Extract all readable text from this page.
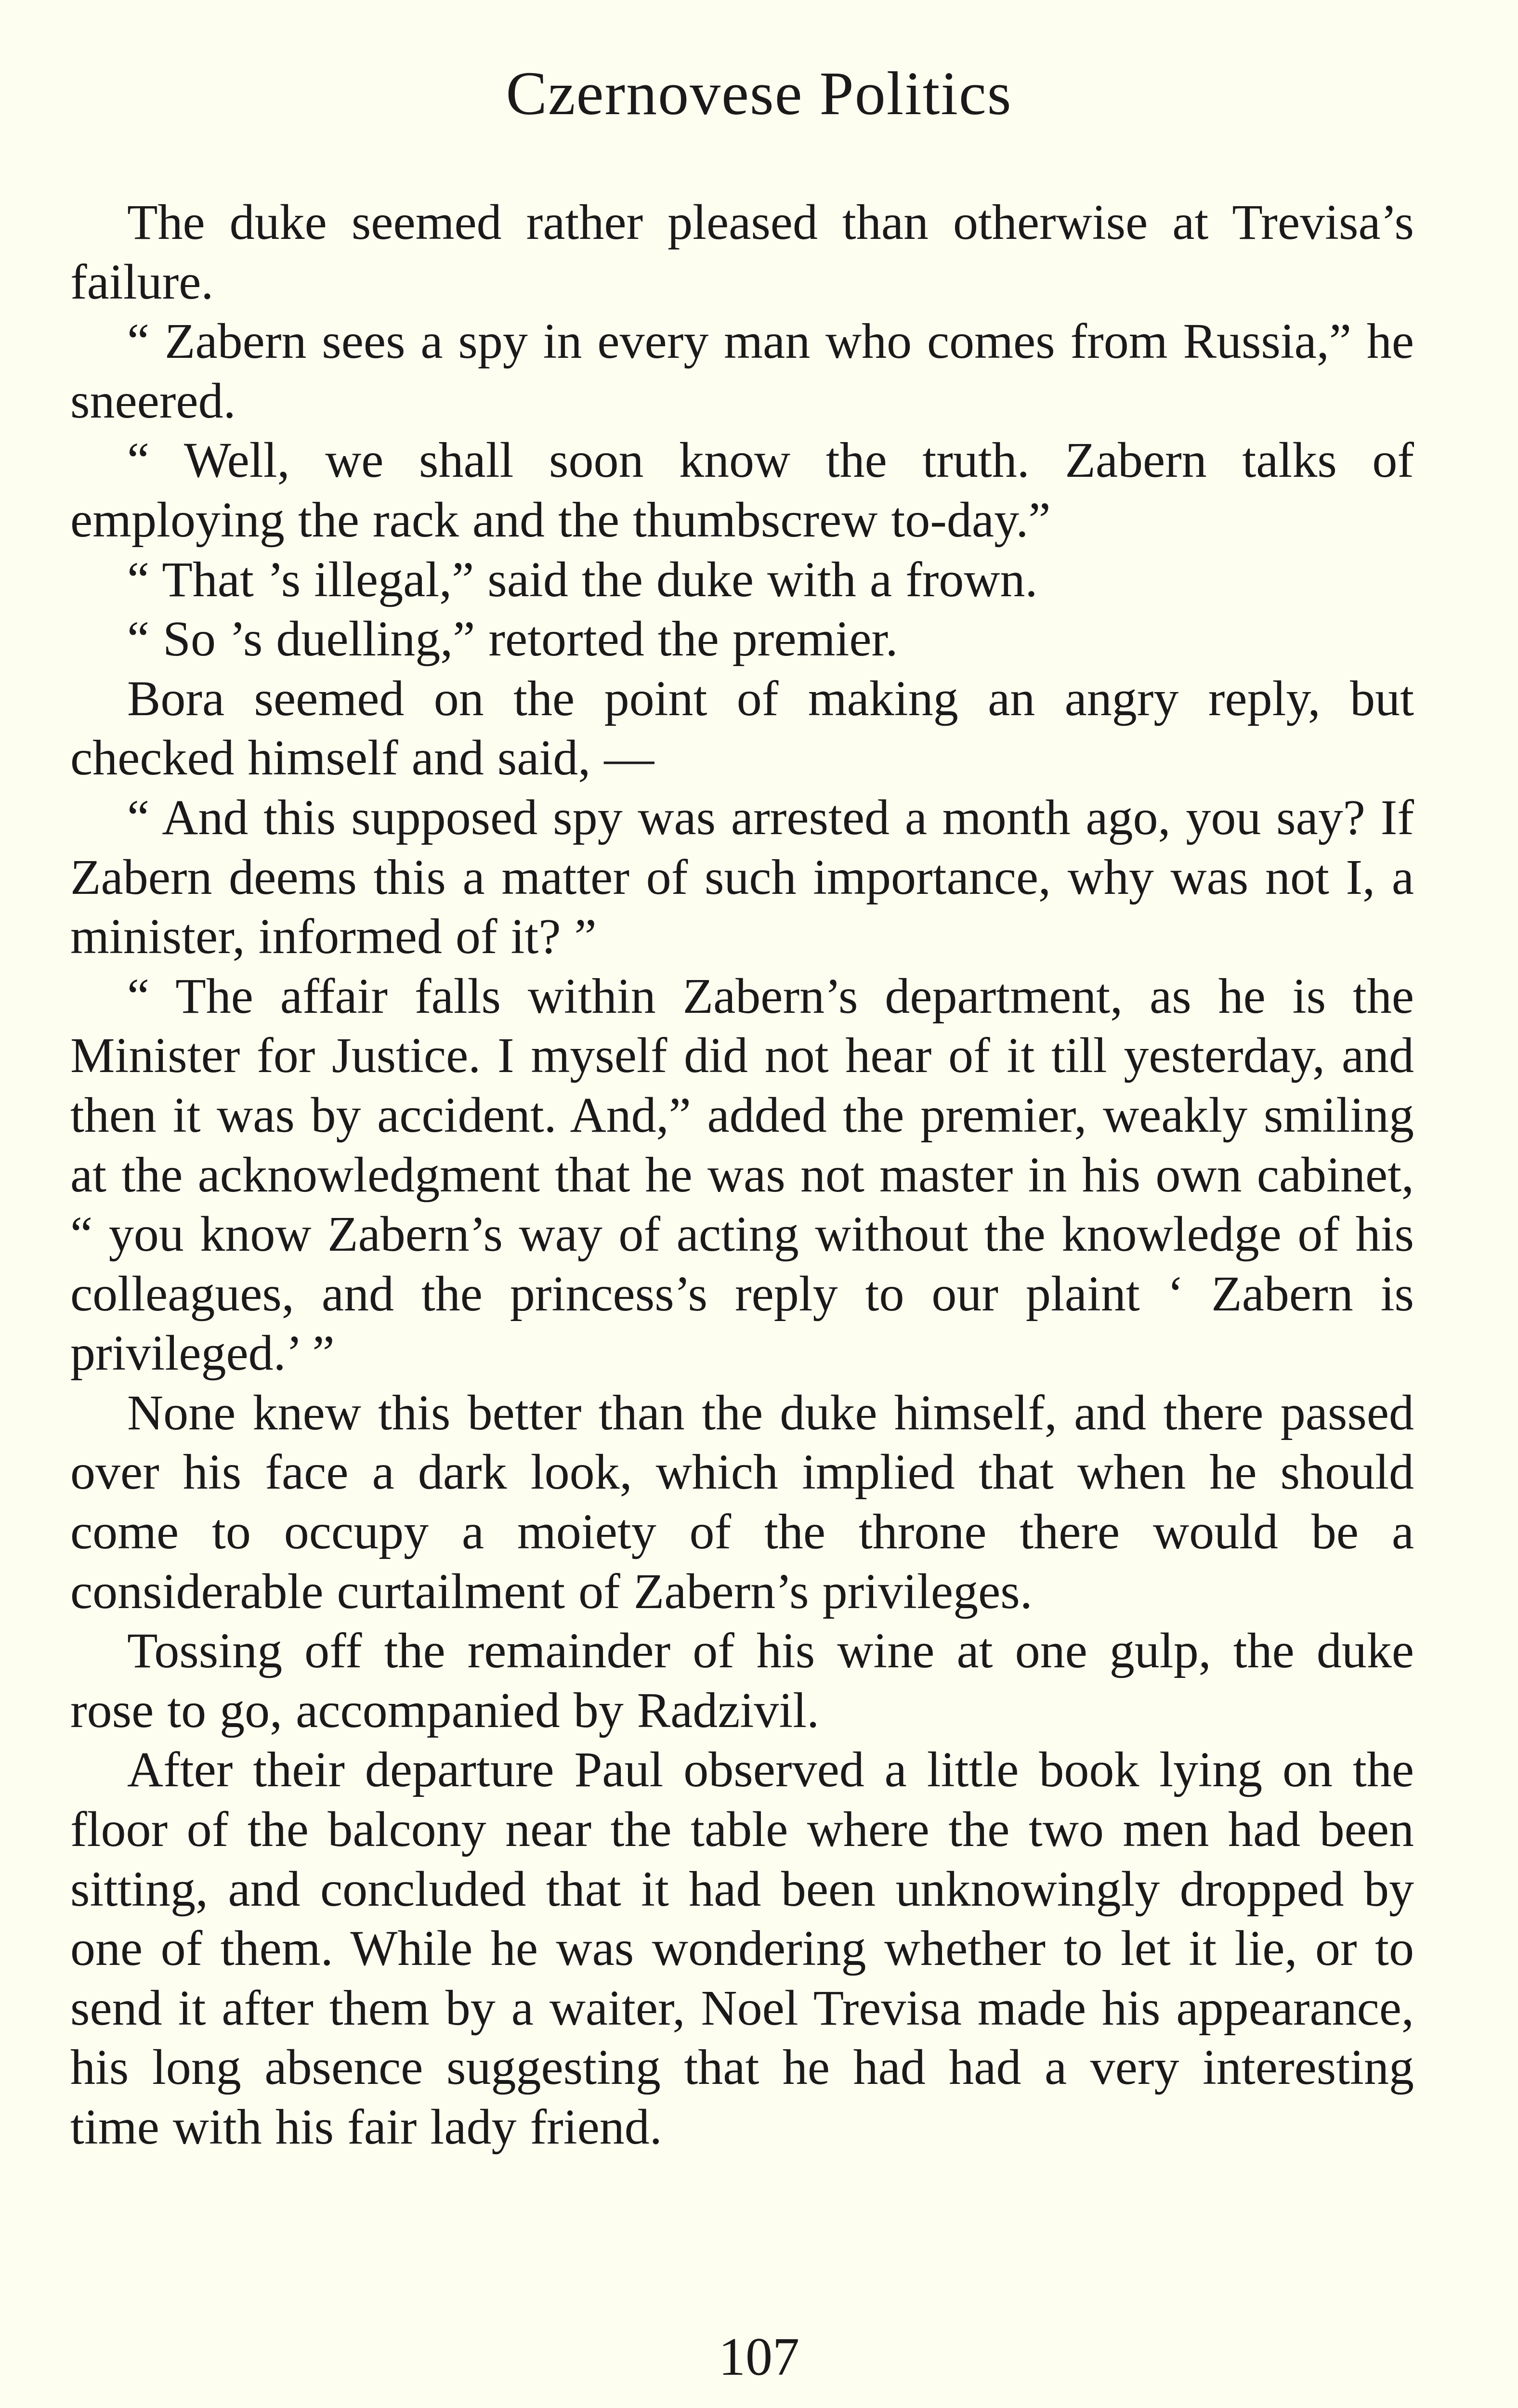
Czernovese Politics

The duke seemed rather pleased than otherwise at Trevisa’s failure.

“ Zabern sees a spy in every man who comes from Russia,” he sneered.

“ Well, we shall soon know the truth. Zabern talks of employing the rack and the thumbscrew to-day.”

“ That ’s illegal,” said the duke with a frown.

“ So ’s duelling,” retorted the premier.

Bora seemed on the point of making an angry reply, but checked himself and said, —

“ And this supposed spy was arrested a month ago, you say? If Zabern deems this a matter of such importance, why was not I, a minister, informed of it? ”

“ The affair falls within Zabern’s department, as he is the Minister for Justice. I myself did not hear of it till yesterday, and then it was by accident. And,” added the premier, weakly smiling at the acknowledgment that he was not master in his own cabinet, “ you know Zabern’s way of acting without the knowledge of his colleagues, and the princess’s reply to our plaint ‘ Zabern is privileged.’ ”

None knew this better than the duke himself, and there passed over his face a dark look, which implied that when he should come to occupy a moiety of the throne there would be a considerable curtailment of Zabern’s privileges.

Tossing off the remainder of his wine at one gulp, the duke rose to go, accompanied by Radzivil.

After their departure Paul observed a little book lying on the floor of the balcony near the table where the two men had been sitting, and concluded that it had been unknowingly dropped by one of them. While he was wondering whether to let it lie, or to send it after them by a waiter, Noel Trevisa made his appearance, his long absence suggesting that he had had a very interesting time with his fair lady friend.

107
